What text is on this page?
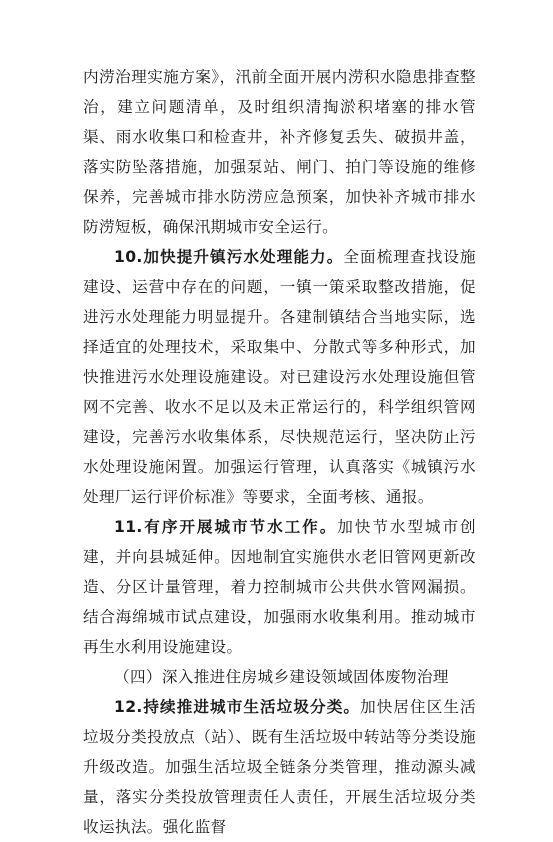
内涝治理实施方案》，汛前全面开展内涝积水隐患排查整治，建立问题清单，及时组织清掏淤积堵塞的排水管渠、雨水收集口和检查井，补齐修复丢失、破损井盖，落实防坠落措施，加强泵站、闸门、拍门等设施的维修保养，完善城市排水防涝应急预案，加快补齐城市排水防涝短板，确保汛期城市安全运行。

10.加快提升镇污水处理能力。全面梳理查找设施建设、运营中存在的问题，一镇一策采取整改措施，促进污水处理能力明显提升。各建制镇结合当地实际，选择适宜的处理技术，采取集中、分散式等多种形式，加快推进污水处理设施建设。对已建设污水处理设施但管网不完善、收水不足以及未正常运行的，科学组织管网建设，完善污水收集体系，尽快规范运行，坚决防止污水处理设施闲置。加强运行管理，认真落实《城镇污水处理厂运行评价标准》等要求，全面考核、通报。

11.有序开展城市节水工作。加快节水型城市创建，并向县城延伸。因地制宜实施供水老旧管网更新改造、分区计量管理，着力控制城市公共供水管网漏损。结合海绵城市试点建设，加强雨水收集利用。推动城市再生水利用设施建设。

（四）深入推进住房城乡建设领域固体废物治理

12.持续推进城市生活垃圾分类。加快居住区生活垃圾分类投放点（站）、既有生活垃圾中转站等分类设施升级改造。加强生活垃圾全链条分类管理，推动源头减量，落实分类投放管理责任人责任，开展生活垃圾分类收运执法。强化监督
